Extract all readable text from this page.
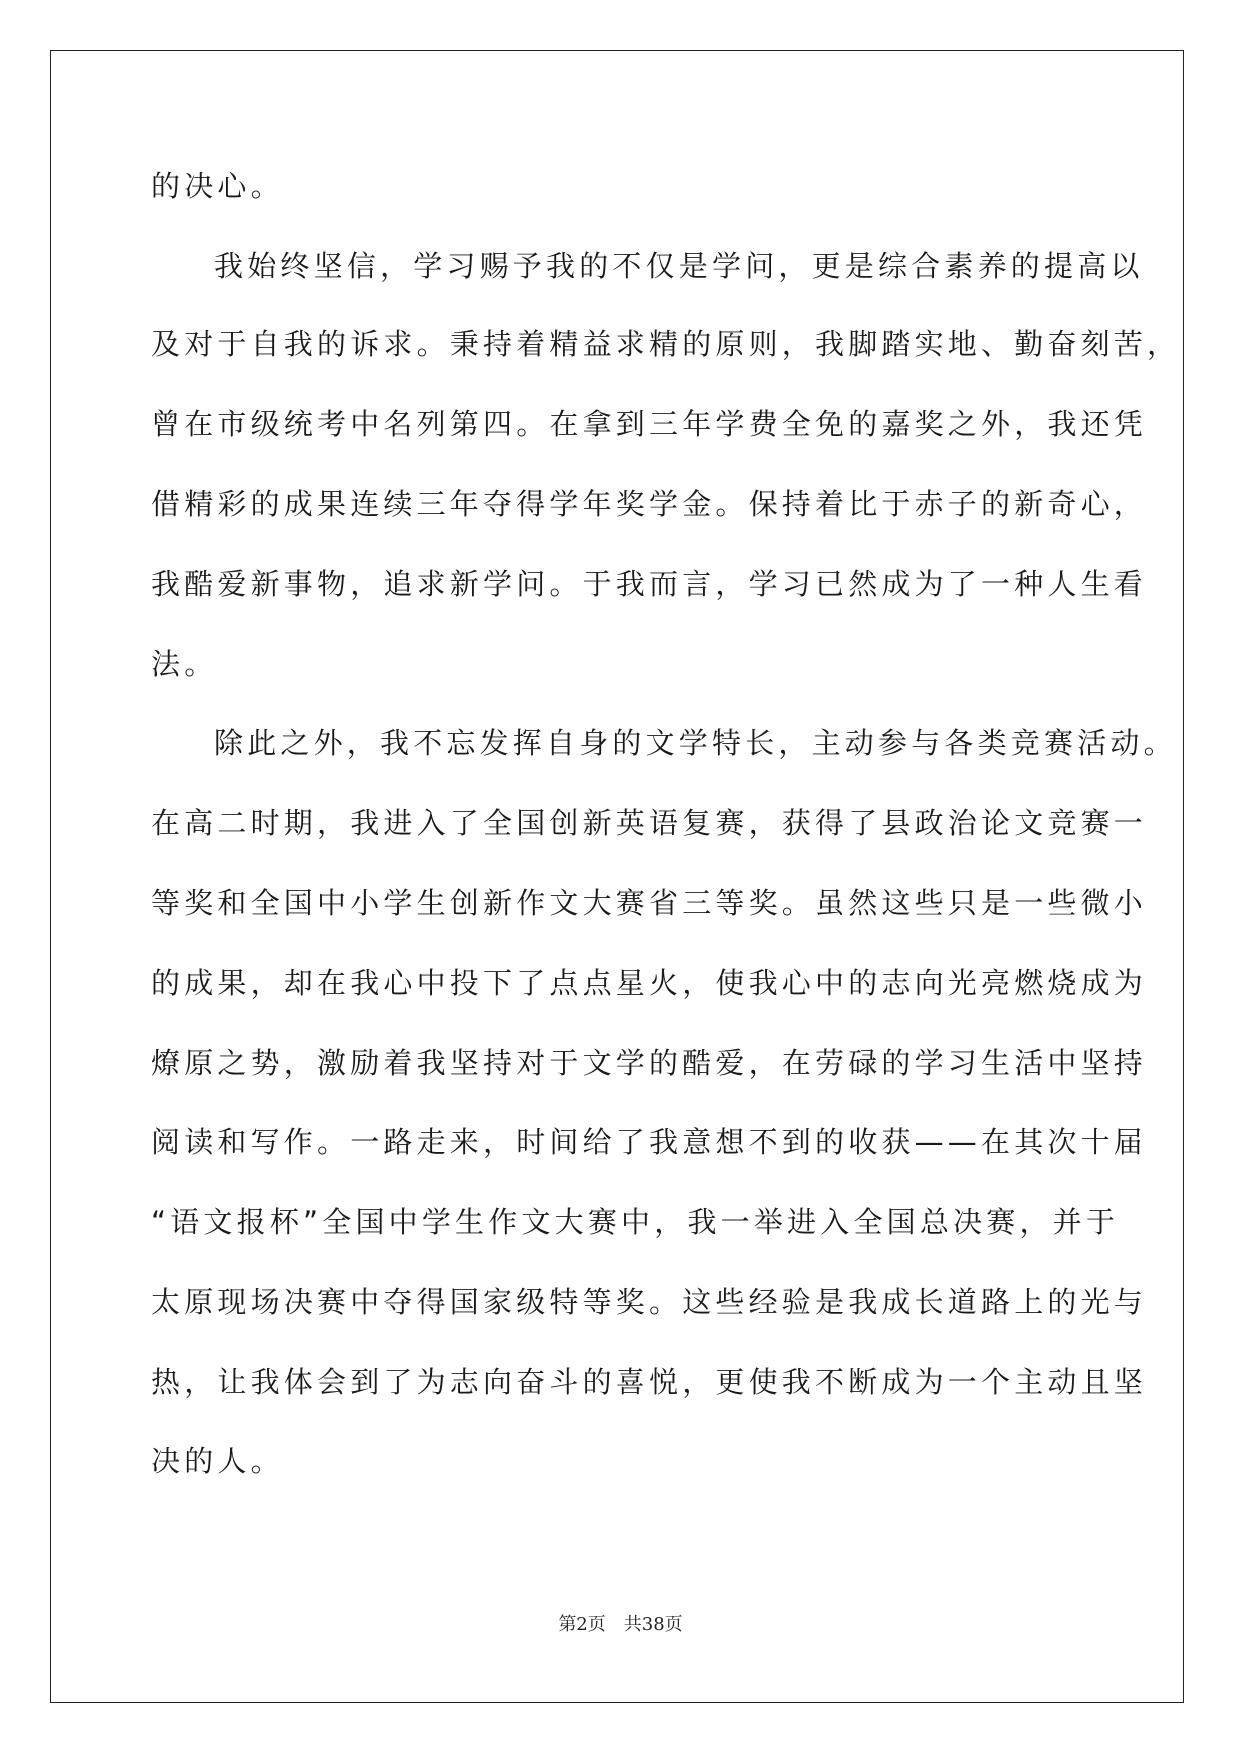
的决心。
我始终坚信，学习赐予我的不仅是学问，更是综合素养的提高以
及对于自我的诉求。秉持着精益求精的原则，我脚踏实地、勤奋刻苦，
曾在市级统考中名列第四。在拿到三年学费全免的嘉奖之外，我还凭
借精彩的成果连续三年夺得学年奖学金。保持着比于赤子的新奇心，
我酷爱新事物，追求新学问。于我而言，学习已然成为了一种人生看
法。
除此之外，我不忘发挥自身的文学特长，主动参与各类竞赛活动。
在高二时期，我进入了全国创新英语复赛，获得了县政治论文竞赛一
等奖和全国中小学生创新作文大赛省三等奖。虽然这些只是一些微小
的成果，却在我心中投下了点点星火，使我心中的志向光亮燃烧成为
燎原之势，激励着我坚持对于文学的酷爱，在劳碌的学习生活中坚持
阅读和写作。一路走来，时间给了我意想不到的收获——在其次十届
“语文报杯”全国中学生作文大赛中，我一举进入全国总决赛，并于
太原现场决赛中夺得国家级特等奖。这些经验是我成长道路上的光与
热，让我体会到了为志向奋斗的喜悦，更使我不断成为一个主动且坚
决的人。
第2页 共38页
